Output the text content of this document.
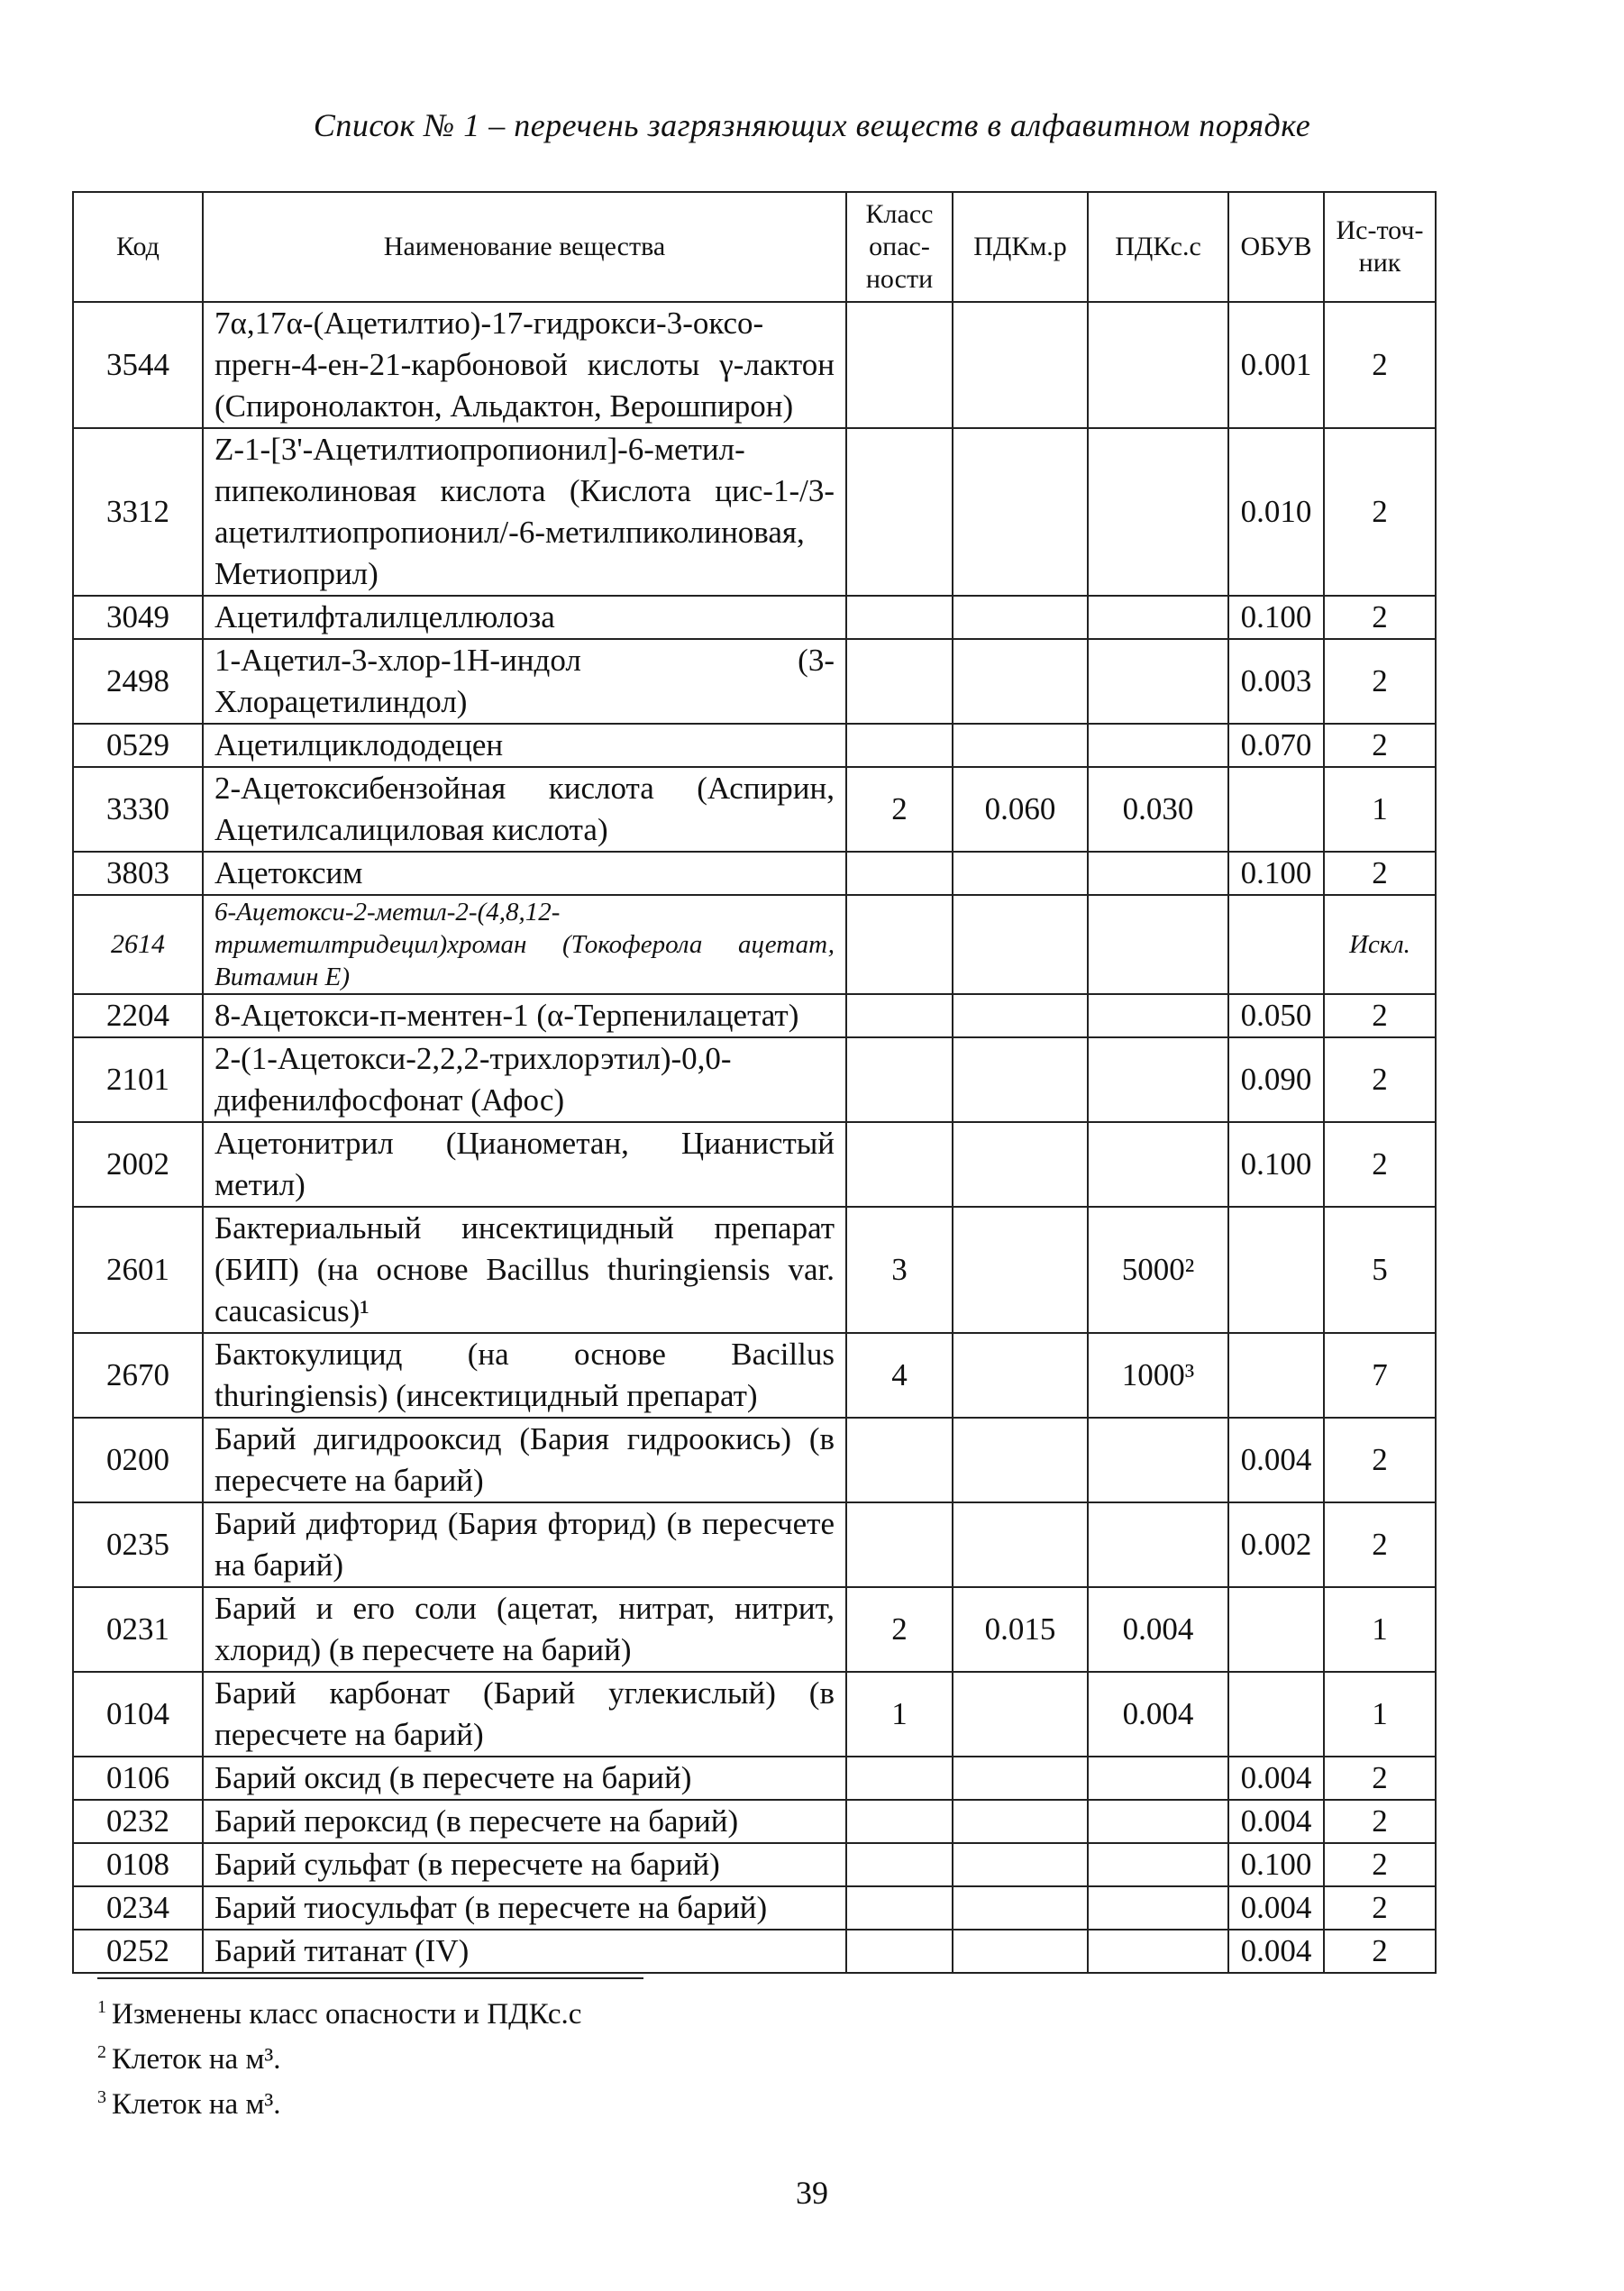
Список № 1 – перечень загрязняющих веществ в алфавитном порядке
Код	Наименование вещества	Класс опас-ности	ПДКм.р	ПДКс.с	ОБУВ	Ис-точ-ник
3544	7α,17α-(Ацетилтио)-17-гидрокси-3-оксо-прегн-4-ен-21-карбоновой кислоты γ-лактон (Спиронолактон, Альдактон, Верошпирон)				0.001	2
3312	Z-1-[3'-Ацетилтиопропионил]-6-метил-пипеколиновая кислота (Кислота цис-1-/3-ацетилтиопропионил/-6-метилпиколиновая, Метиоприл)				0.010	2
3049	Ацетилфталилцеллюлоза				0.100	2
2498	1-Ацетил-3-хлор-1Н-индол (3-Хлорацетилиндол)				0.003	2
0529	Ацетилциклододецен				0.070	2
3330	2-Ацетоксибензойная кислота (Аспирин, Ацетилсалициловая кислота)	2	0.060	0.030		1
3803	Ацетоксим				0.100	2
2614	6-Ацетокси-2-метил-2-(4,8,12-триметилтридецил)хроман (Токоферола ацетат, Витамин Е)					Искл.
2204	8-Ацетокси-п-ментен-1 (α-Терпенилацетат)				0.050	2
2101	2-(1-Ацетокси-2,2,2-трихлорэтил)-0,0-дифенилфосфонат (Афос)				0.090	2
2002	Ацетонитрил (Цианометан, Цианистый метил)				0.100	2
2601	Бактериальный инсектицидный препарат (БИП) (на основе Bacillus thuringiensis var. caucasicus)¹	3		5000²		5
2670	Бактокулицид (на основе Bacillus thuringiensis) (инсектицидный препарат)	4		1000³		7
0200	Барий дигидрооксид (Бария гидроокись) (в пересчете на барий)				0.004	2
0235	Барий дифторид (Бария фторид) (в пересчете на барий)				0.002	2
0231	Барий и его соли (ацетат, нитрат, нитрит, хлорид) (в пересчете на барий)	2	0.015	0.004		1
0104	Барий карбонат (Барий углекислый) (в пересчете на барий)	1		0.004		1
0106	Барий оксид (в пересчете на барий)				0.004	2
0232	Барий пероксид (в пересчете на барий)				0.004	2
0108	Барий сульфат (в пересчете на барий)				0.100	2
0234	Барий тиосульфат (в пересчете на барий)				0.004	2
0252	Барий титанат (IV)				0.004	2
$^1$ Изменены класс опасности и ПДКс.с
$^2$ Клеток на м³.
$^3$ Клеток на м³.
39
